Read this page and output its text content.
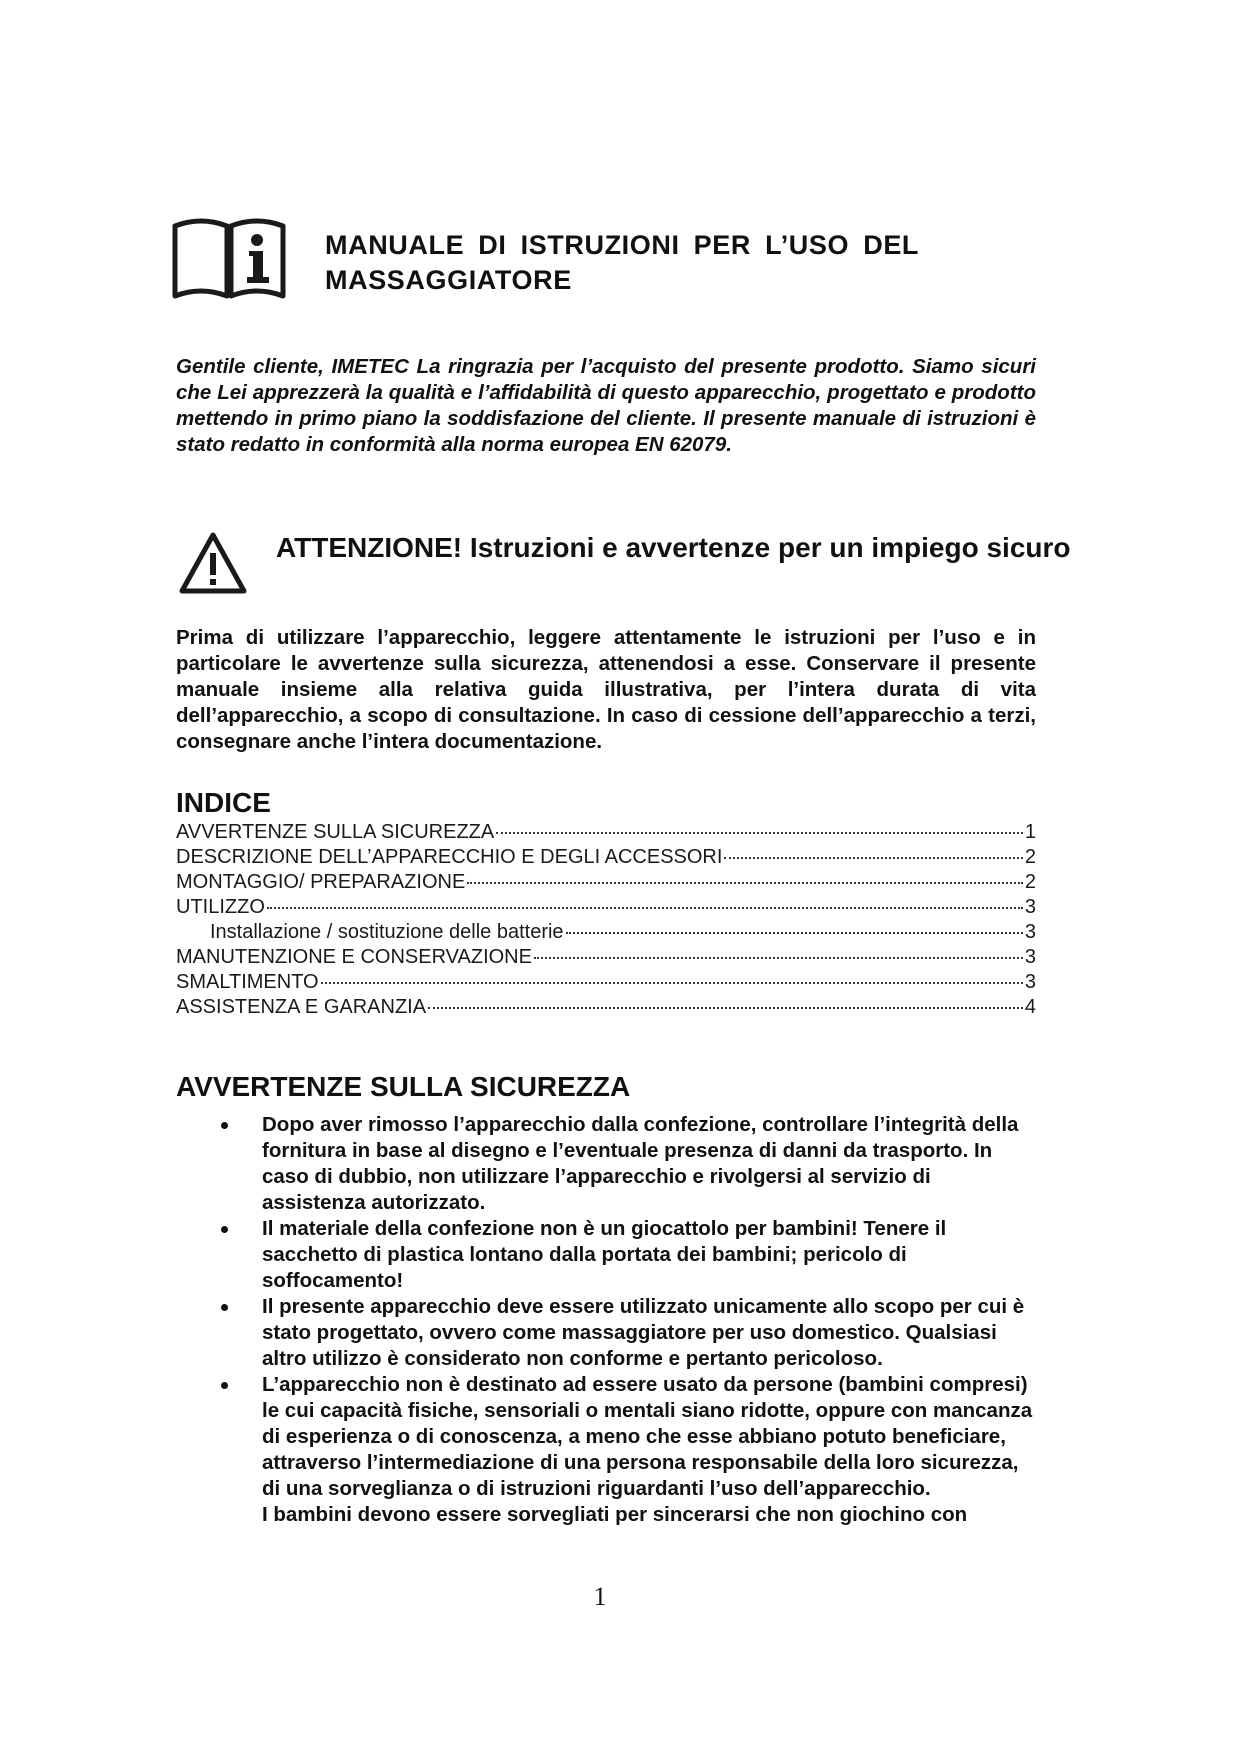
MANUALE DI ISTRUZIONI PER L’USO DEL
MASSAGGIATORE

Gentile cliente, IMETEC La ringrazia per l’acquisto del presente prodotto. Siamo sicuri che Lei apprezzerà la qualità e l’affidabilità di questo apparecchio, progettato e prodotto mettendo in primo piano la soddisfazione del cliente. Il presente manuale di istruzioni è stato redatto in conformità alla norma europea EN 62079.

ATTENZIONE! Istruzioni e avvertenze per un impiego sicuro

Prima di utilizzare l’apparecchio, leggere attentamente le istruzioni per l’uso e in particolare le avvertenze sulla sicurezza, attenendosi a esse. Conservare il presente manuale insieme alla relativa guida illustrativa, per l’intera durata di vita dell’apparecchio, a scopo di consultazione. In caso di cessione dell’apparecchio a terzi, consegnare anche l’intera documentazione.

INDICE
AVVERTENZE SULLA SICUREZZA	1
DESCRIZIONE DELL’APPARECCHIO E DEGLI ACCESSORI	2
MONTAGGIO/ PREPARAZIONE	2
UTILIZZO	3
Installazione / sostituzione delle batterie	3
MANUTENZIONE E CONSERVAZIONE	3
SMALTIMENTO	3
ASSISTENZA E GARANZIA	4
AVVERTENZE SULLA SICUREZZA

Dopo aver rimosso l’apparecchio dalla confezione, controllare l’integrità della fornitura in base al disegno e l’eventuale presenza di danni da trasporto. In caso di dubbio, non utilizzare l’apparecchio e rivolgersi al servizio di assistenza autorizzato.

Il materiale della confezione non è un giocattolo per bambini! Tenere il sacchetto di plastica lontano dalla portata dei bambini; pericolo di soffocamento!

Il presente apparecchio deve essere utilizzato unicamente allo scopo per cui è stato progettato, ovvero come massaggiatore per uso domestico. Qualsiasi altro utilizzo è considerato non conforme e pertanto pericoloso.

L’apparecchio non è destinato ad essere usato da persone (bambini compresi) le cui capacità fisiche, sensoriali o mentali siano ridotte, oppure con mancanza di esperienza o di conoscenza, a meno che esse abbiano potuto beneficiare, attraverso l’intermediazione di una persona responsabile della loro sicurezza, di una sorveglianza o di istruzioni riguardanti l’uso dell’apparecchio.

I bambini devono essere sorvegliati per sincerarsi che non giochino con

1
